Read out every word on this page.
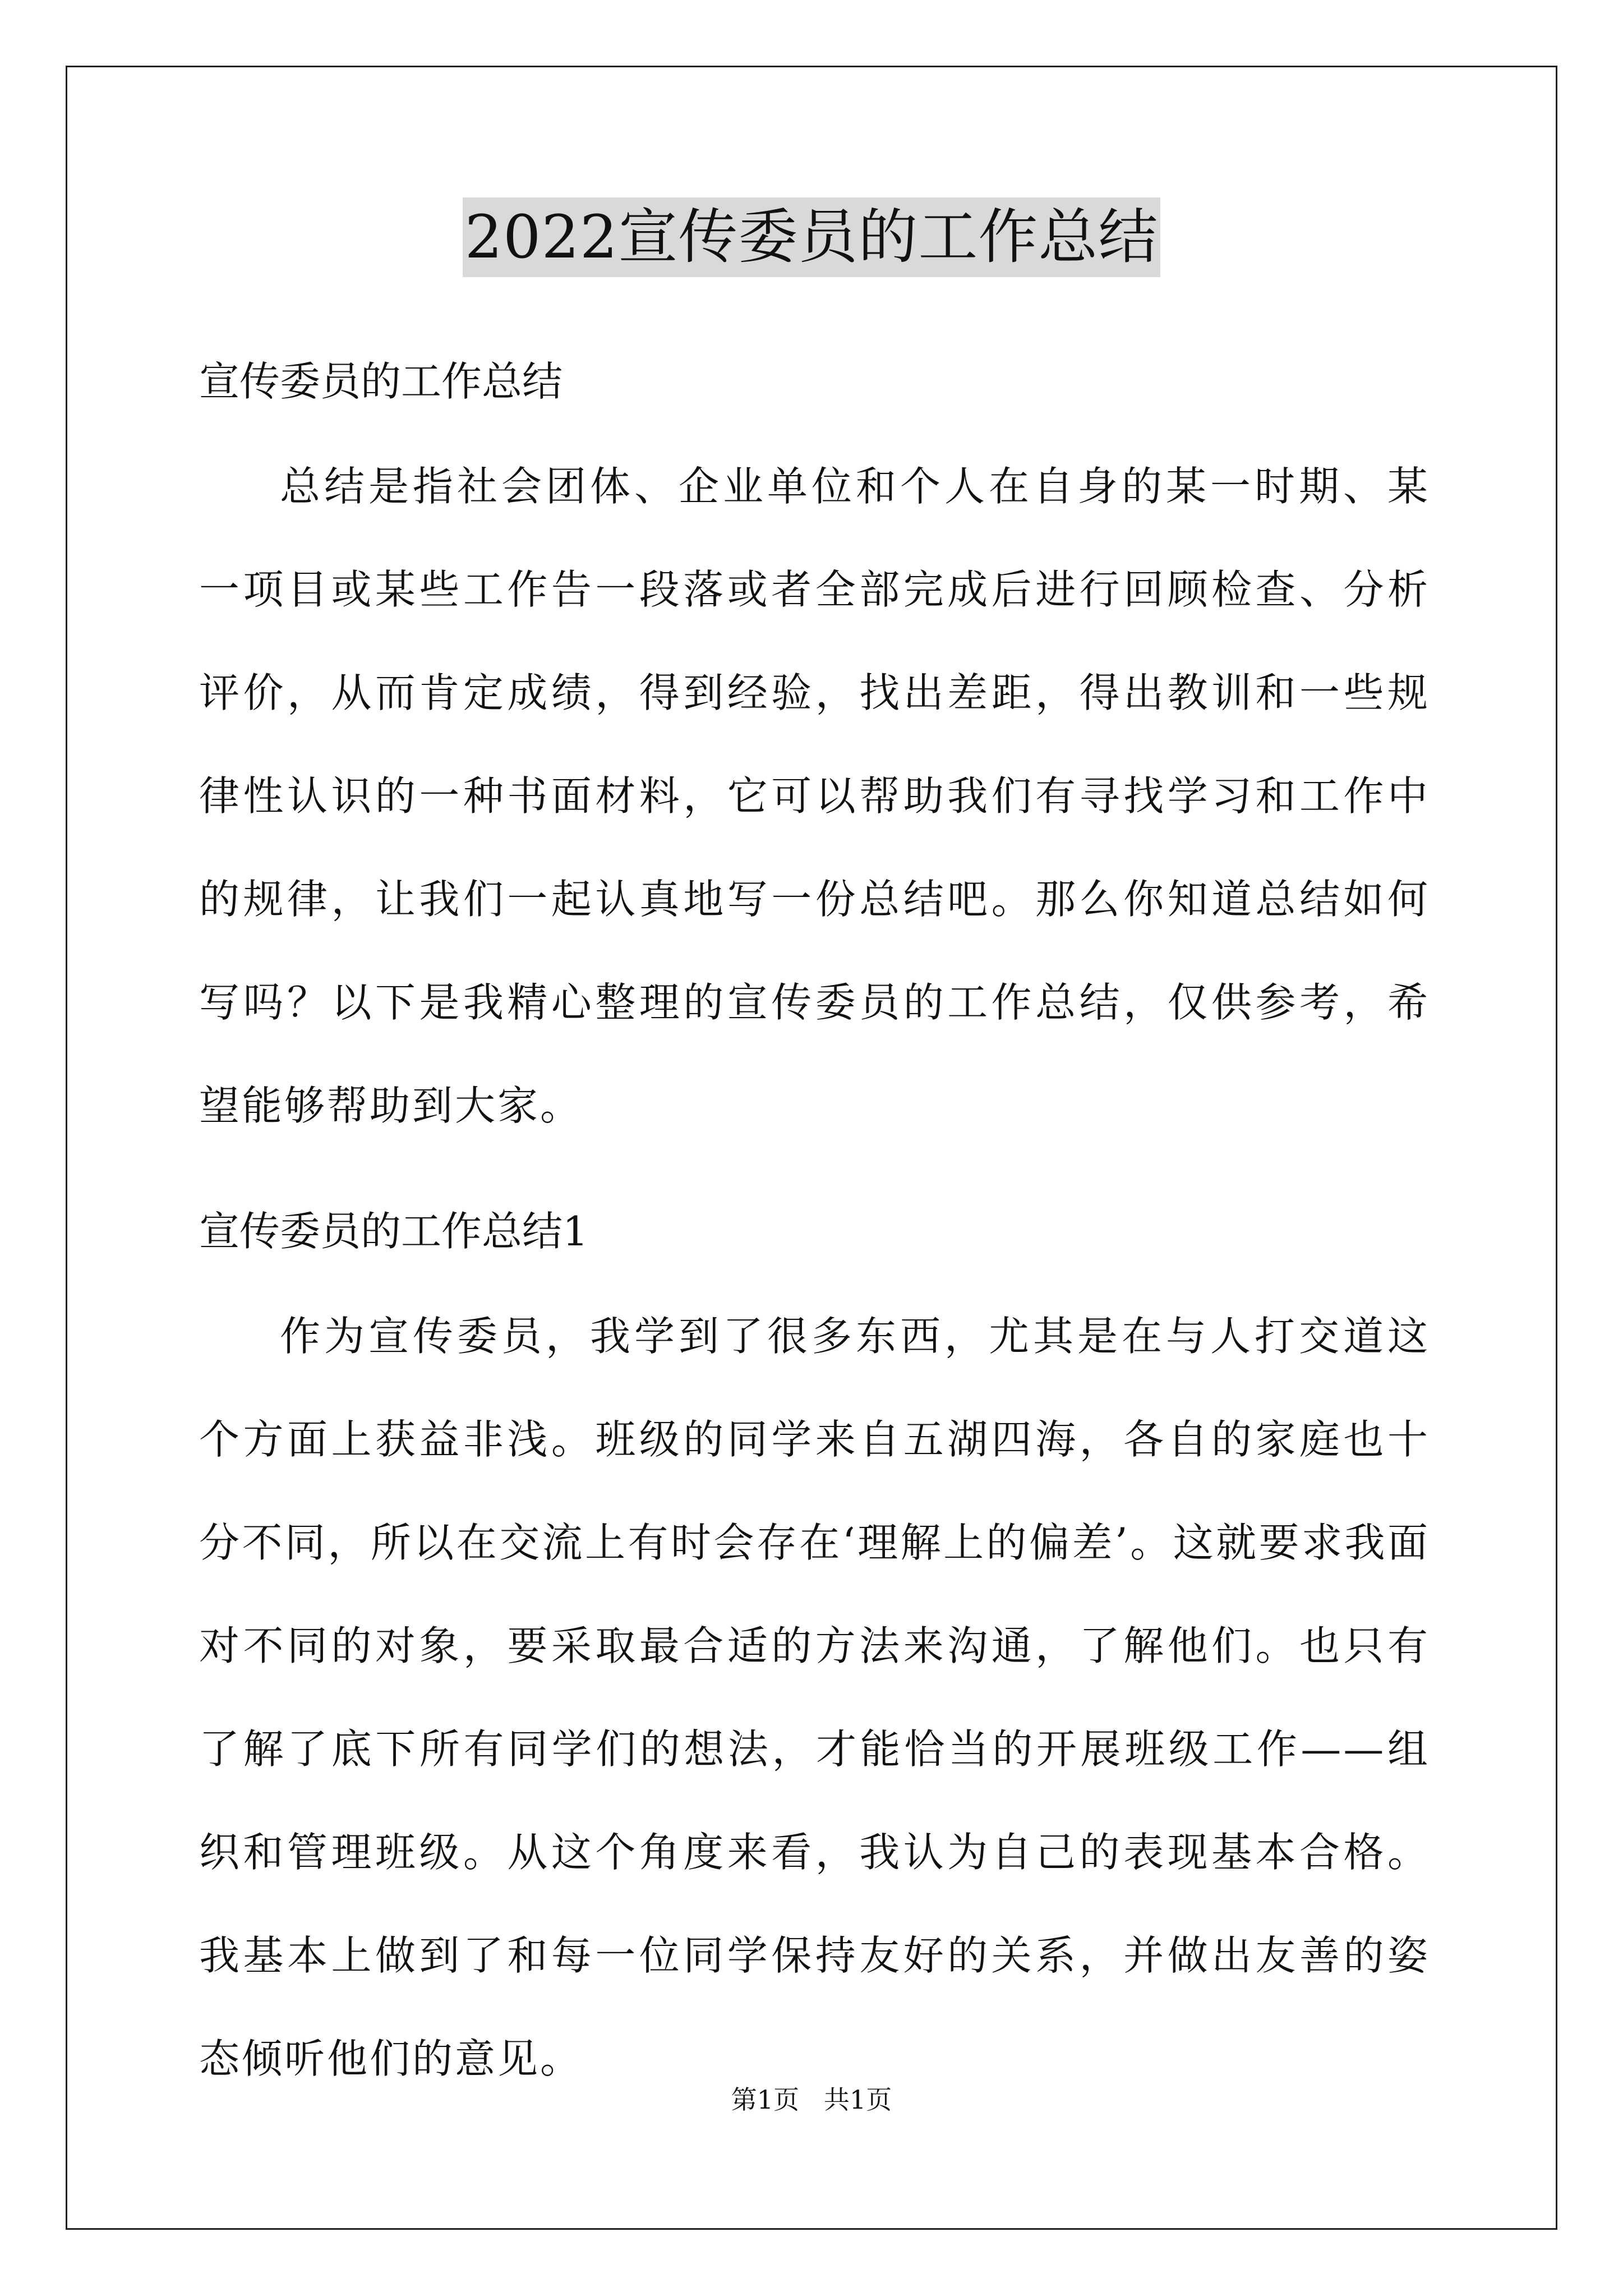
2022宣传委员的工作总结
宣传委员的工作总结
总结是指社会团体、企业单位和个人在自身的某一时期、某一项目或某些工作告一段落或者全部完成后进行回顾检查、分析评价，从而肯定成绩，得到经验，找出差距，得出教训和一些规律性认识的一种书面材料，它可以帮助我们有寻找学习和工作中的规律，让我们一起认真地写一份总结吧。那么你知道总结如何写吗？以下是我精心整理的宣传委员的工作总结，仅供参考，希望能够帮助到大家。
宣传委员的工作总结1
作为宣传委员，我学到了很多东西，尤其是在与人打交道这个方面上获益非浅。班级的同学来自五湖四海，各自的家庭也十分不同，所以在交流上有时会存在‘理解上的偏差’。这就要求我面对不同的对象，要采取最合适的方法来沟通，了解他们。也只有了解了底下所有同学们的想法，才能恰当的开展班级工作——组织和管理班级。从这个角度来看，我认为自己的表现基本合格。我基本上做到了和每一位同学保持友好的关系，并做出友善的姿态倾听他们的意见。
第1页   共1页
